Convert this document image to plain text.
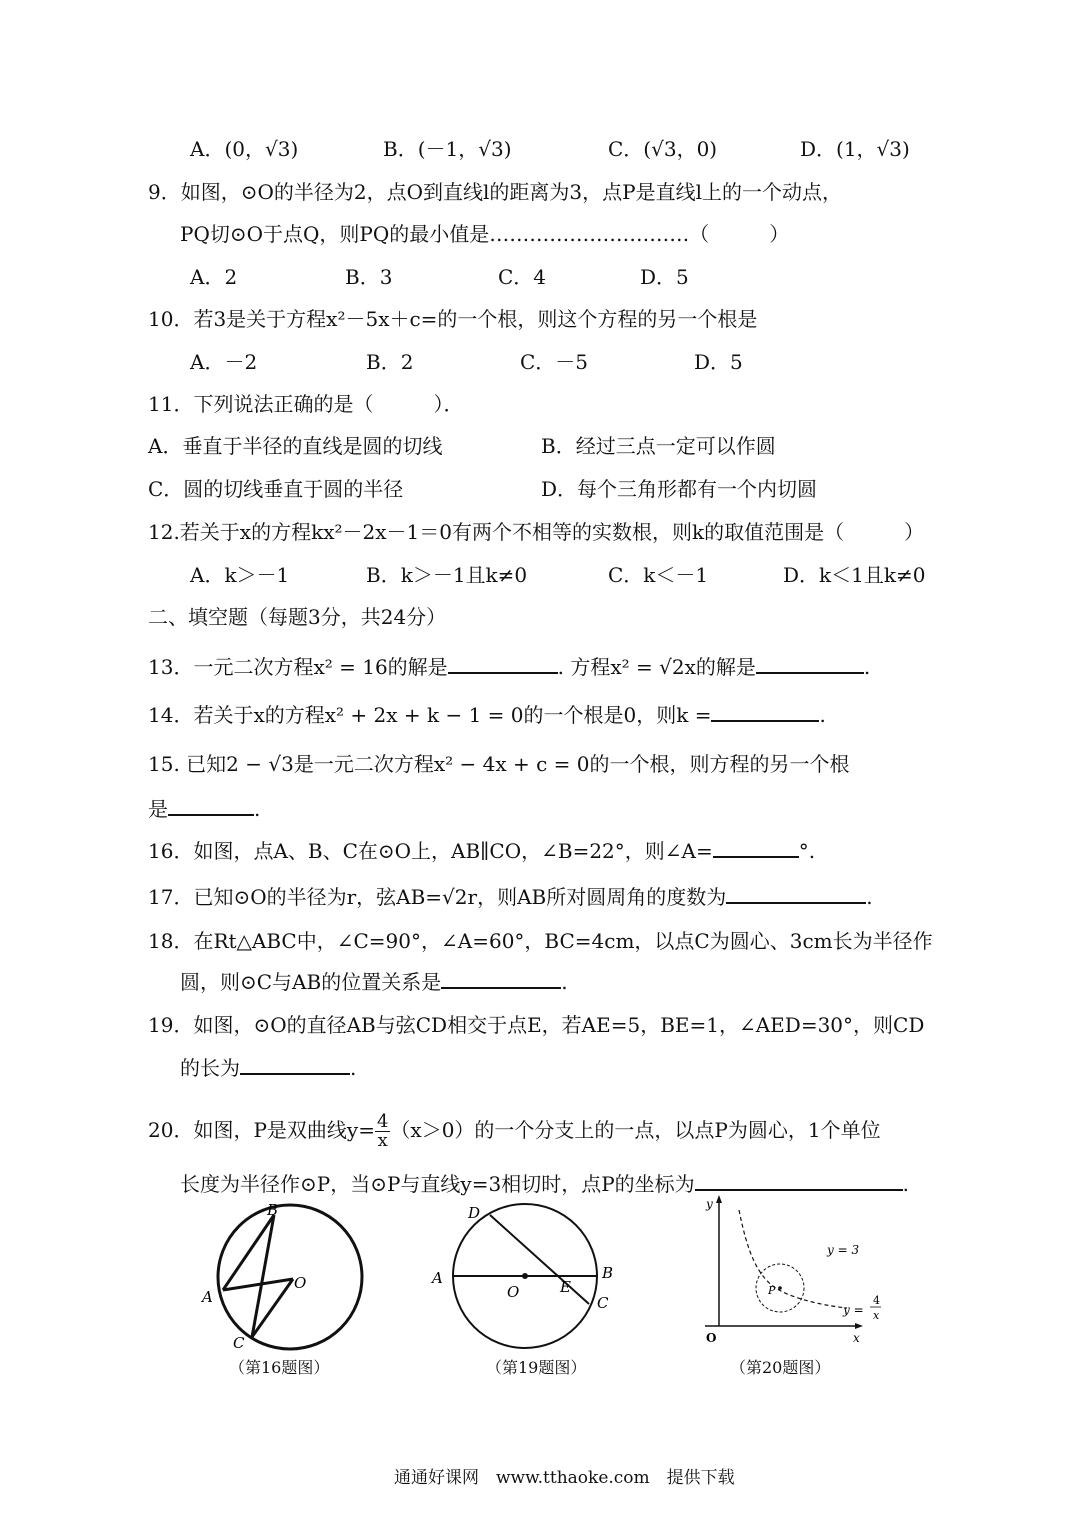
A．(0，√3)	B．(－1，√3)	C．(√3，0)	D．(1，√3)
9．如图，⊙O的半径为2，点O到直线l的距离为3，点P是直线l上的一个动点，
PQ切⊙O于点Q，则PQ的最小值是…………………………（　　　）
A．2	B．3	C．4	D．5
10．若3是关于方程x²－5x＋c=的一个根，则这个方程的另一个根是
A．－2	B．2	C．－5	D．5
11．下列说法正确的是（　　　）．
A．垂直于半径的直线是圆的切线	B．经过三点一定可以作圆
C．圆的切线垂直于圆的半径	D．每个三角形都有一个内切圆
12.若关于x的方程kx²－2x－1＝0有两个不相等的实数根，则k的取值范围是（　　　）
A．k＞－1	B．k＞－1且k≠0	C．k＜－1	D．k＜1且k≠0
二、填空题（每题3分，共24分）
13．一元二次方程x² = 16的解是	. 方程x² = √2x的解是	.
14．若关于x的方程x² + 2x + k − 1 = 0的一个根是0，则k =	.
15. 已知2 − √3是一元二次方程x² − 4x + c = 0的一个根，则方程的另一个根
是	.
16．如图，点A、B、C在⊙O上，AB∥CO，∠B=22°，则∠A=	°.
17．已知⊙O的半径为r，弦AB=√2r，则AB所对圆周角的度数为	.
18．在Rt△ABC中，∠C=90°，∠A=60°，BC=4cm，以点C为圆心、3cm长为半径作
圆，则⊙C与AB的位置关系是	.
19．如图，⊙O的直径AB与弦CD相交于点E，若AE=5，BE=1，∠AED=30°，则CD
的长为	.
20．如图，P是双曲线$y= \frac{4}{x} (x>0)$的一个分支上的一点，以点P为圆心，1个单位
长度为半径作⊙P，当⊙P与直线y=3相切时，点P的坐标为	.
B
A
C
O
（第16题图）
D
A
O	E
B
C
（第19题图）
y
x
O
P
y = 3
y =
4
x
（第20题图）
通通好课网　www.tthaoke.com　提供下载
